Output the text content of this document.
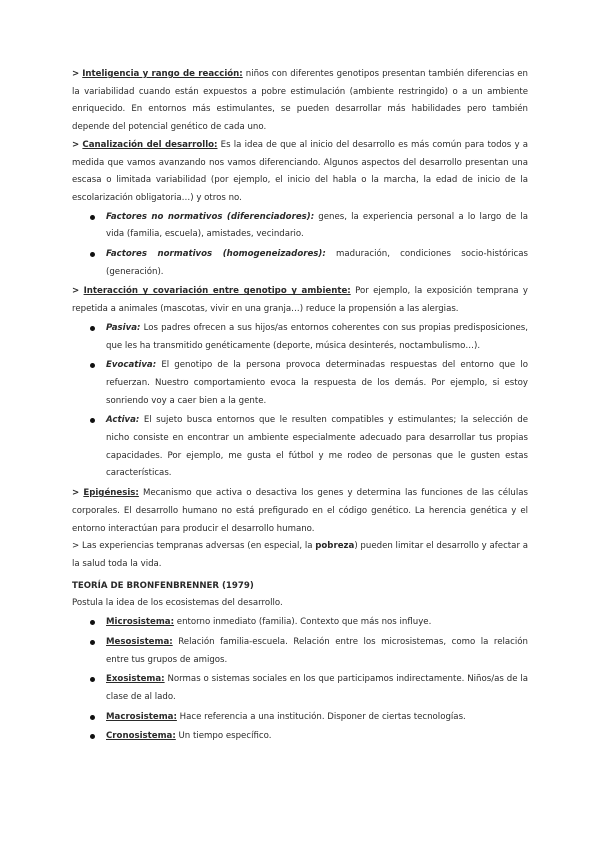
> Inteligencia y rango de reacción: niños con diferentes genotipos presentan también diferencias en la variabilidad cuando están expuestos a pobre estimulación (ambiente restringido) o a un ambiente enriquecido. En entornos más estimulantes, se pueden desarrollar más habilidades pero también depende del potencial genético de cada uno.

> Canalización del desarrollo: Es la idea de que al inicio del desarrollo es más común para todos y a medida que vamos avanzando nos vamos diferenciando. Algunos aspectos del desarrollo presentan una escasa o limitada variabilidad (por ejemplo, el inicio del habla o la marcha, la edad de inicio de la escolarización obligatoria…) y otros no.

Factores no normativos (diferenciadores): genes, la experiencia personal a lo largo de la vida (familia, escuela), amistades, vecindario.
Factores normativos (homogeneizadores): maduración, condiciones socio-históricas (generación).

> Interacción y covariación entre genotipo y ambiente: Por ejemplo, la exposición temprana y repetida a animales (mascotas, vivir en una granja…) reduce la propensión a las alergias.

Pasiva: Los padres ofrecen a sus hijos/as entornos coherentes con sus propias predisposiciones, que les ha transmitido genéticamente (deporte, música desinterés, noctambulismo…).
Evocativa: El genotipo de la persona provoca determinadas respuestas del entorno que lo refuerzan. Nuestro comportamiento evoca la respuesta de los demás. Por ejemplo, si estoy sonriendo voy a caer bien a la gente.
Activa: El sujeto busca entornos que le resulten compatibles y estimulantes; la selección de nicho consiste en encontrar un ambiente especialmente adecuado para desarrollar tus propias capacidades. Por ejemplo, me gusta el fútbol y me rodeo de personas que le gusten estas características.

> Epigénesis: Mecanismo que activa o desactiva los genes y determina las funciones de las células corporales. El desarrollo humano no está prefigurado en el código genético. La herencia genética y el entorno interactúan para producir el desarrollo humano.

> Las experiencias tempranas adversas (en especial, la pobreza) pueden limitar el desarrollo y afectar a la salud toda la vida.

TEORÍA DE BRONFENBRENNER (1979)

Postula la idea de los ecosistemas del desarrollo.

Microsistema: entorno inmediato (familia). Contexto que más nos influye.
Mesosistema: Relación familia-escuela. Relación entre los microsistemas, como la relación entre tus grupos de amigos.
Exosistema: Normas o sistemas sociales en los que participamos indirectamente. Niños/as de la clase de al lado.
Macrosistema: Hace referencia a una institución. Disponer de ciertas tecnologías.
Cronosistema: Un tiempo específico.
